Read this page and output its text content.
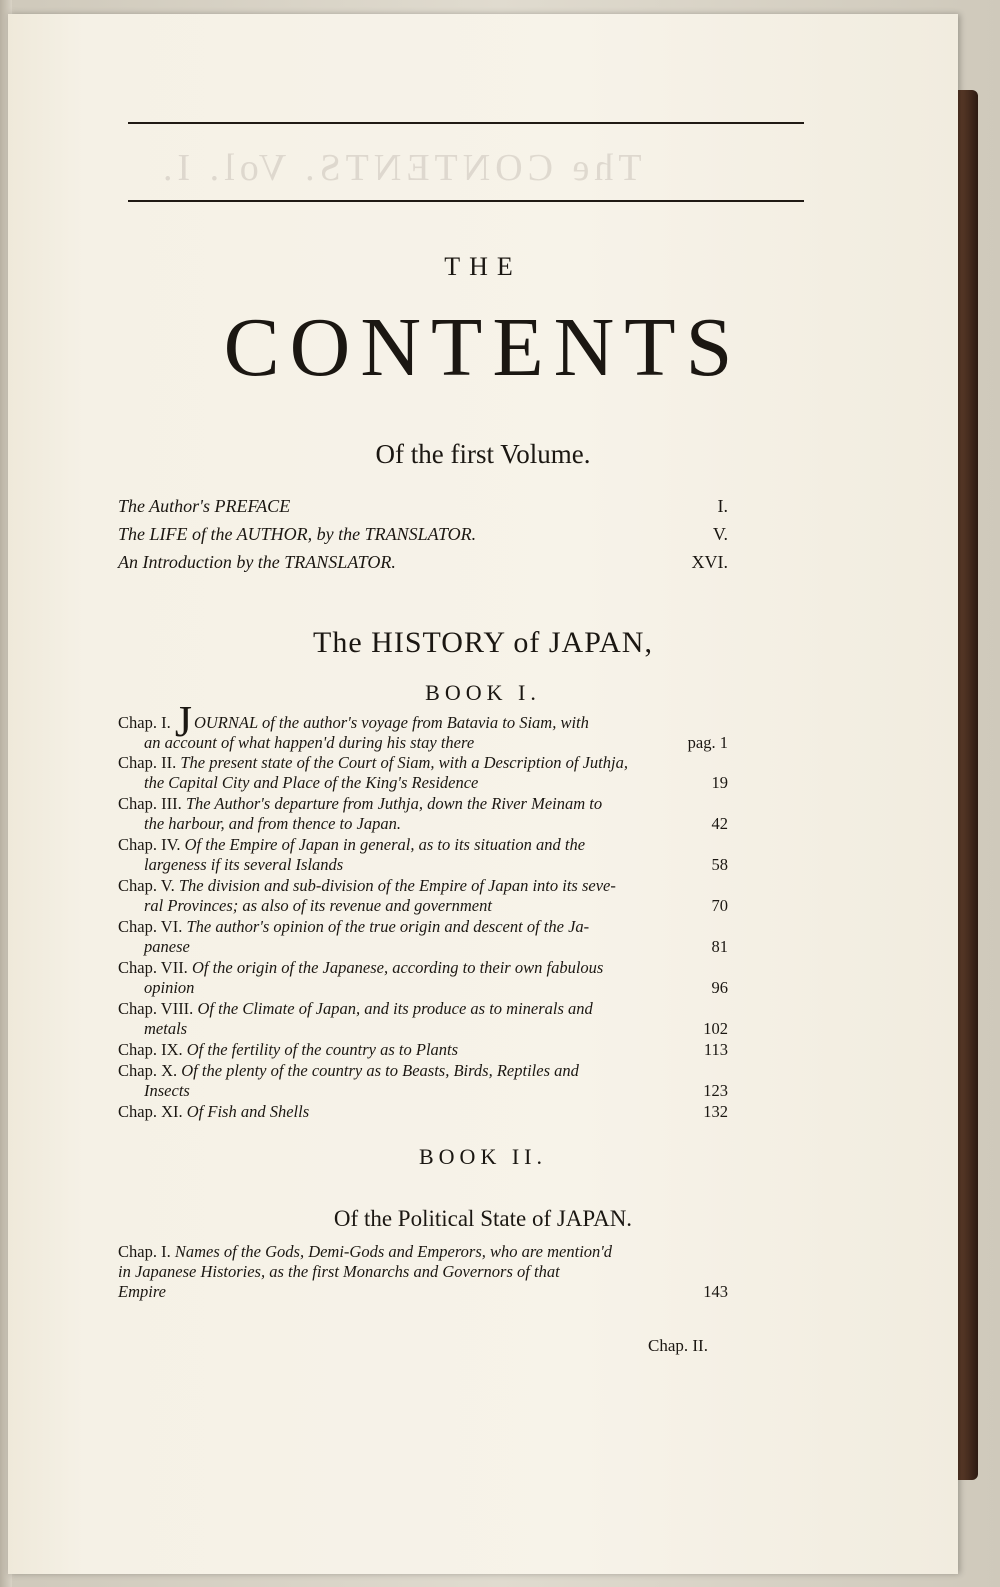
The CONTENTS. Vol. I.
THE
CONTENTS
Of the first Volume.
The Author's PREFACE	I.
The LIFE of the AUTHOR, by the TRANSLATOR.	V.
An Introduction by the TRANSLATOR.	XVI.
The HISTORY of JAPAN,
BOOK I.
Chap. I. J OURNAL of the author's voyage from Batavia to Siam, with
an account of what happen'd during his stay there	pag. 1
Chap. II. The present state of the Court of Siam, with a Description of Juthja,
the Capital City and Place of the King's Residence	19
Chap. III. The Author's departure from Juthja, down the River Meinam to
the harbour, and from thence to Japan.	42
Chap. IV. Of the Empire of Japan in general, as to its situation and the
largeness if its several Islands	58
Chap. V. The division and sub-division of the Empire of Japan into its seve-
ral Provinces; as also of its revenue and government	70
Chap. VI. The author's opinion of the true origin and descent of the Ja-
panese	81
Chap. VII. Of the origin of the Japanese, according to their own fabulous
opinion	96
Chap. VIII. Of the Climate of Japan, and its produce as to minerals and
metals	102
Chap. IX. Of the fertility of the country as to Plants	113
Chap. X. Of the plenty of the country as to Beasts, Birds, Reptiles and
Insects	123
Chap. XI. Of Fish and Shells	132
BOOK II.
Of the Political State of JAPAN.
Chap. I. Names of the Gods, Demi-Gods and Emperors, who are mention'd
in Japanese Histories, as the first Monarchs and Governors of that
Empire	143
Chap. II.
